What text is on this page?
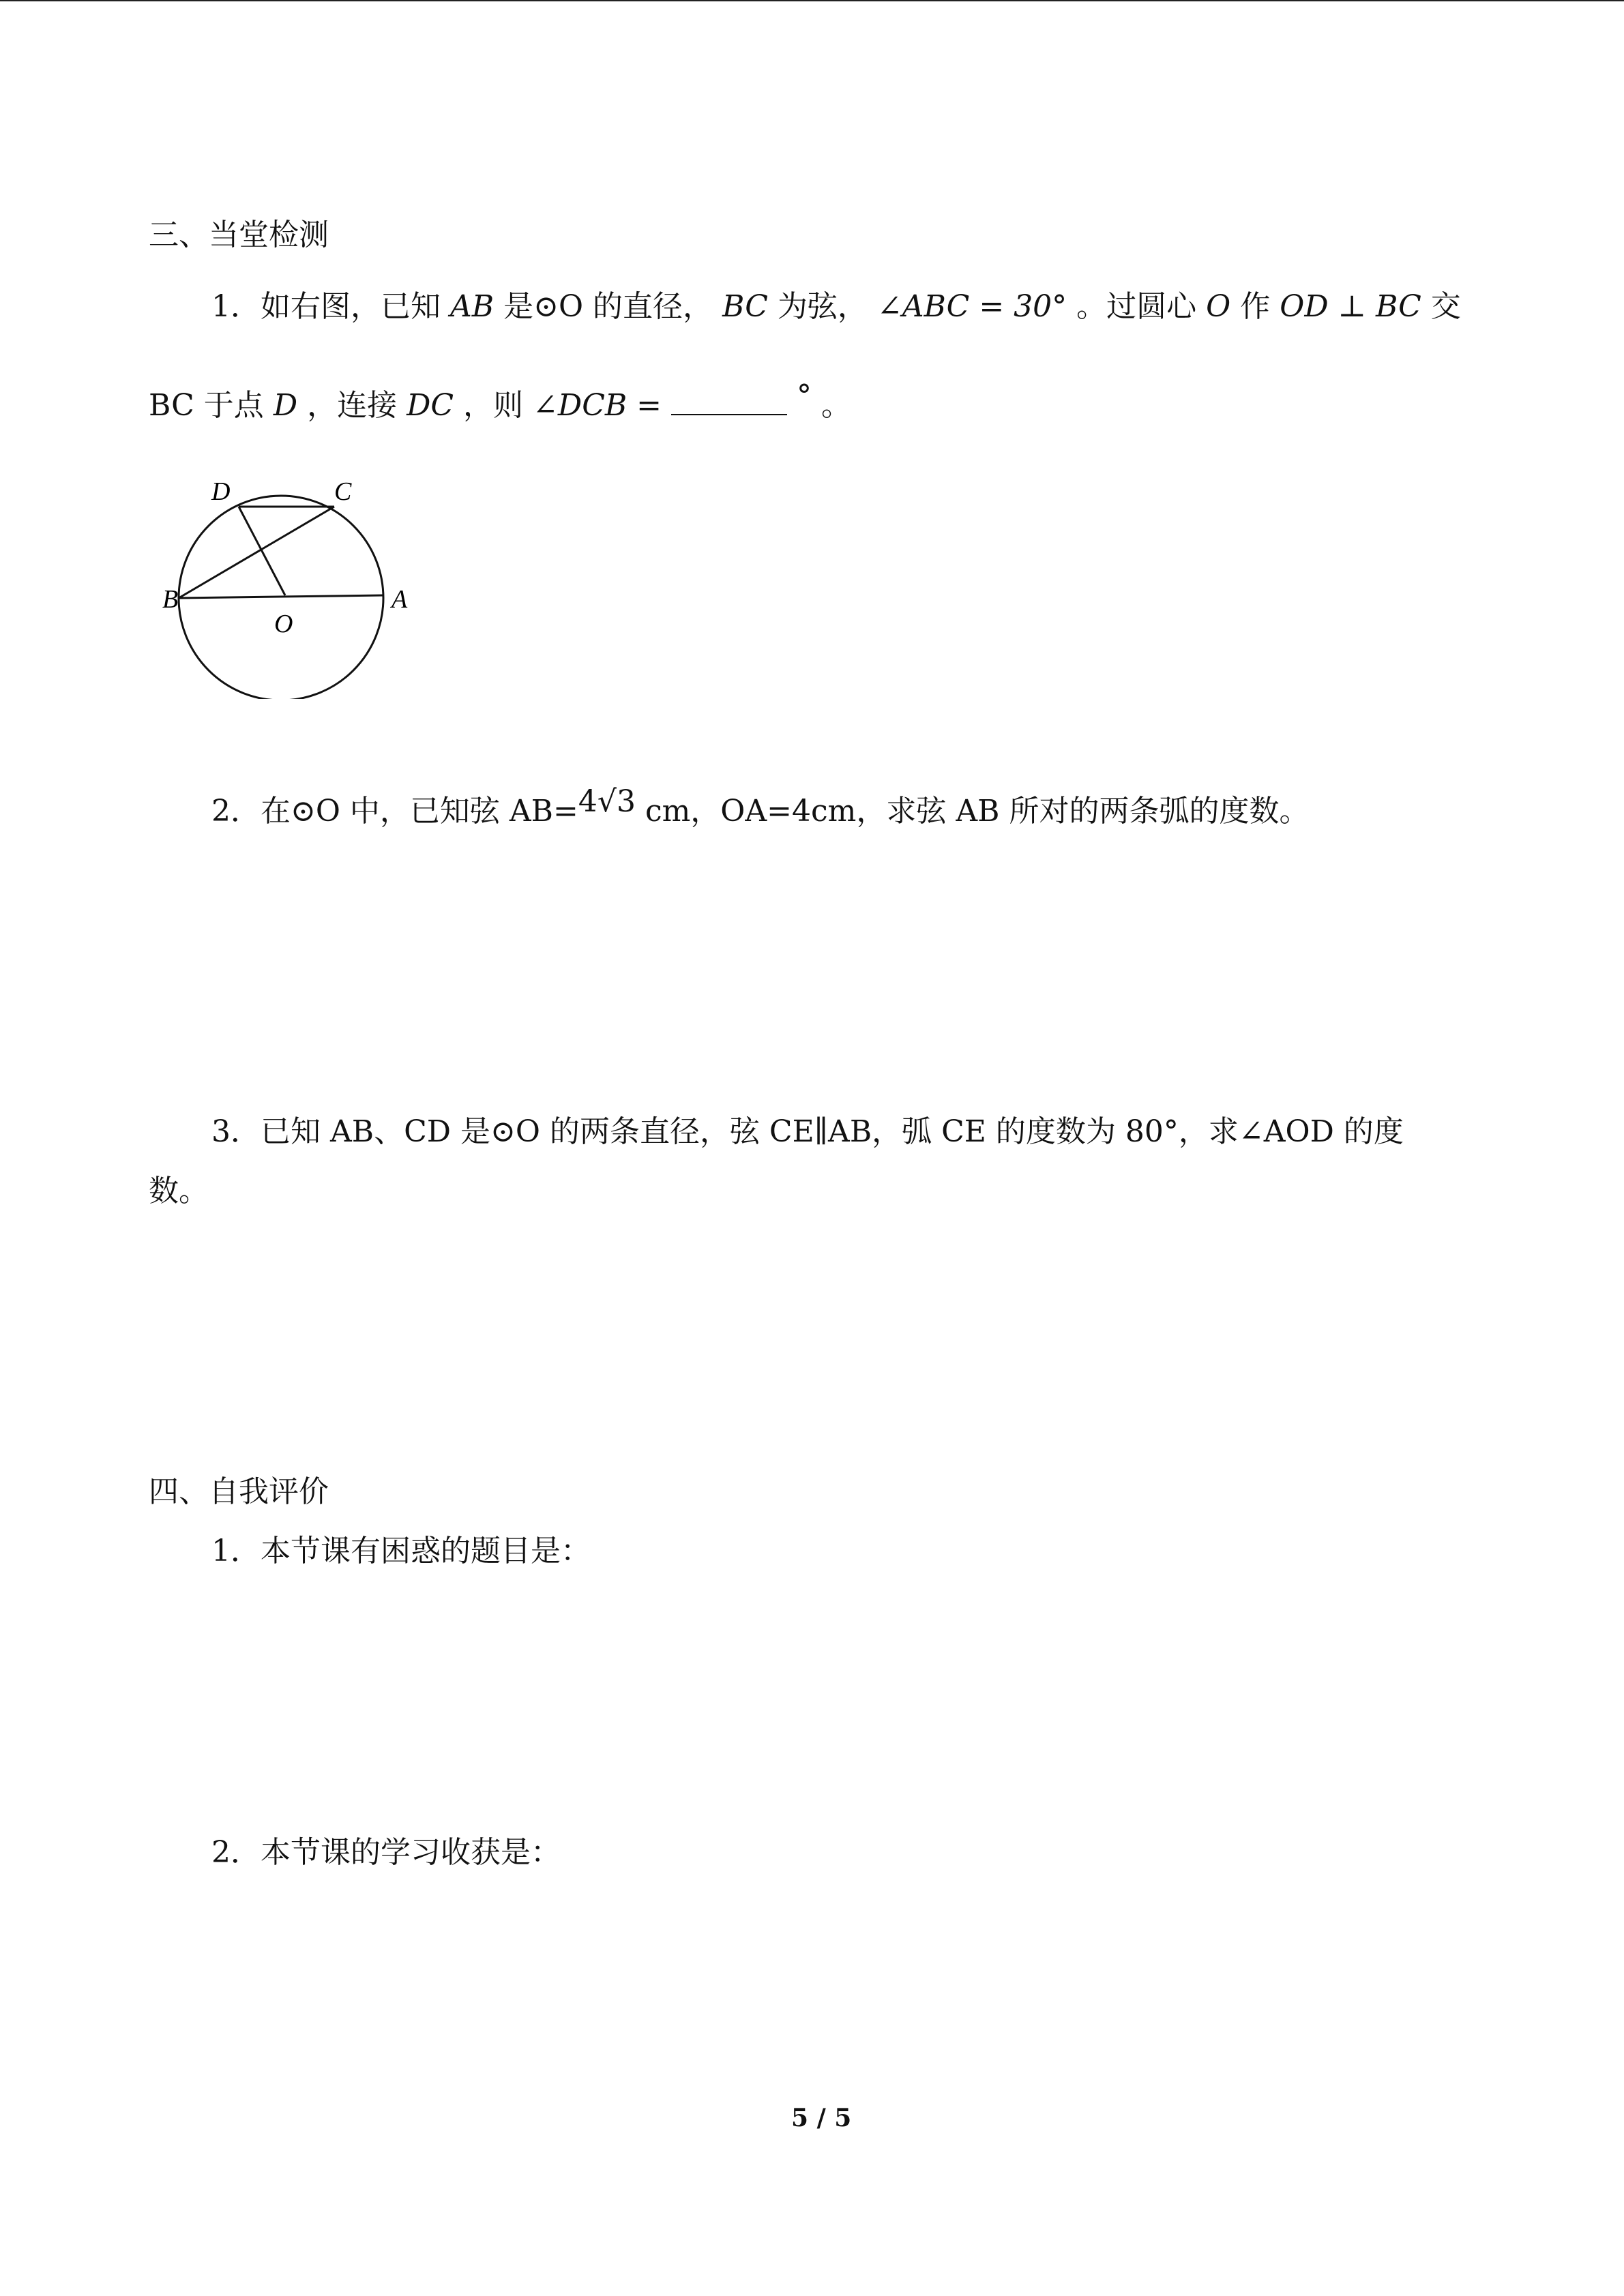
三、当堂检测
1．如右图，已知 AB 是⊙O 的直径， BC 为弦， ∠ABC = 30° 。过圆心 O 作 OD ⊥ BC 交
BC 于点 D ，连接 DC ，则 ∠DCB =	° 。
D	C
B
O
A
2．在⊙O 中，已知弦 AB=4√3 cm，OA=4cm，求弦 AB 所对的两条弧的度数。
3．已知 AB、CD 是⊙O 的两条直径，弦 CE∥AB，弧 CE 的度数为 80°，求∠AOD 的度
数。
四、自我评价
1．本节课有困惑的题目是：
2．本节课的学习收获是：
5 / 5
